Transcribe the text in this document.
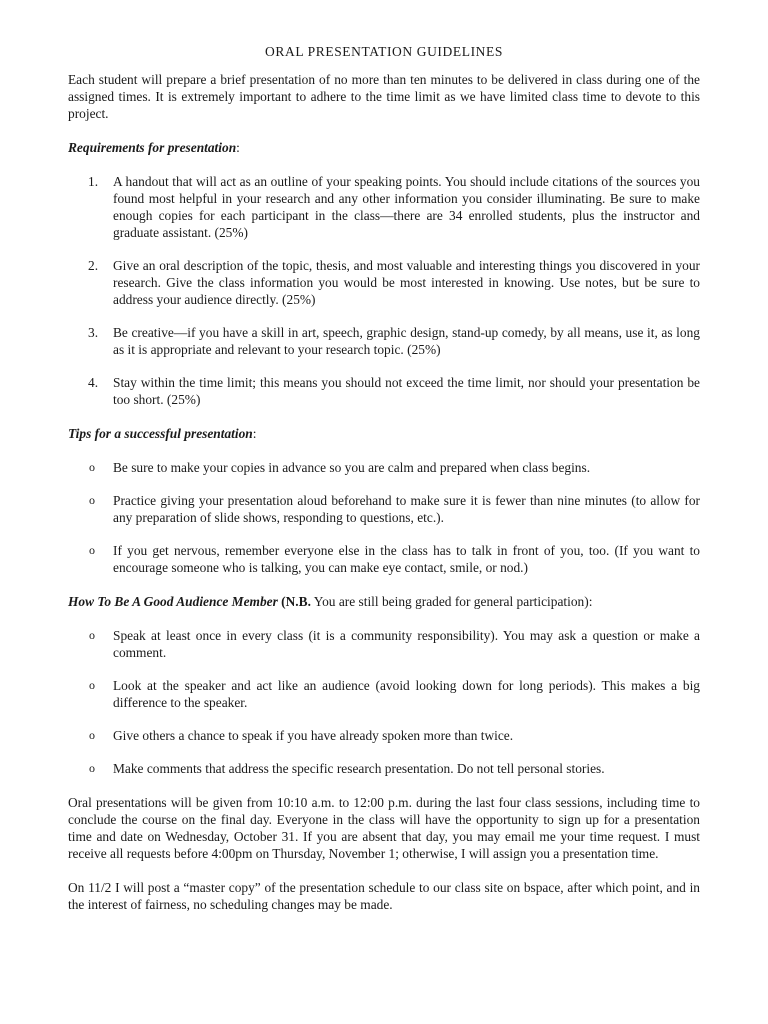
ORAL PRESENTATION GUIDELINES

Each student will prepare a brief presentation of no more than ten minutes to be delivered in class during one of the assigned times. It is extremely important to adhere to the time limit as we have limited class time to devote to this project.

Requirements for presentation:

1. A handout that will act as an outline of your speaking points. You should include citations of the sources you found most helpful in your research and any other information you consider illuminating. Be sure to make enough copies for each participant in the class—there are 34 enrolled students, plus the instructor and graduate assistant. (25%)
2. Give an oral description of the topic, thesis, and most valuable and interesting things you discovered in your research. Give the class information you would be most interested in knowing. Use notes, but be sure to address your audience directly. (25%)
3. Be creative—if you have a skill in art, speech, graphic design, stand-up comedy, by all means, use it, as long as it is appropriate and relevant to your research topic. (25%)
4. Stay within the time limit; this means you should not exceed the time limit, nor should your presentation be too short. (25%)

Tips for a successful presentation:

o Be sure to make your copies in advance so you are calm and prepared when class begins.
o Practice giving your presentation aloud beforehand to make sure it is fewer than nine minutes (to allow for any preparation of slide shows, responding to questions, etc.).
o If you get nervous, remember everyone else in the class has to talk in front of you, too. (If you want to encourage someone who is talking, you can make eye contact, smile, or nod.)

How To Be A Good Audience Member (N.B. You are still being graded for general participation):

o Speak at least once in every class (it is a community responsibility). You may ask a question or make a comment.
o Look at the speaker and act like an audience (avoid looking down for long periods). This makes a big difference to the speaker.
o Give others a chance to speak if you have already spoken more than twice.
o Make comments that address the specific research presentation. Do not tell personal stories.

Oral presentations will be given from 10:10 a.m. to 12:00 p.m. during the last four class sessions, including time to conclude the course on the final day. Everyone in the class will have the opportunity to sign up for a presentation time and date on Wednesday, October 31. If you are absent that day, you may email me your time request. I must receive all requests before 4:00pm on Thursday, November 1; otherwise, I will assign you a presentation time.

On 11/2 I will post a “master copy” of the presentation schedule to our class site on bspace, after which point, and in the interest of fairness, no scheduling changes may be made.
